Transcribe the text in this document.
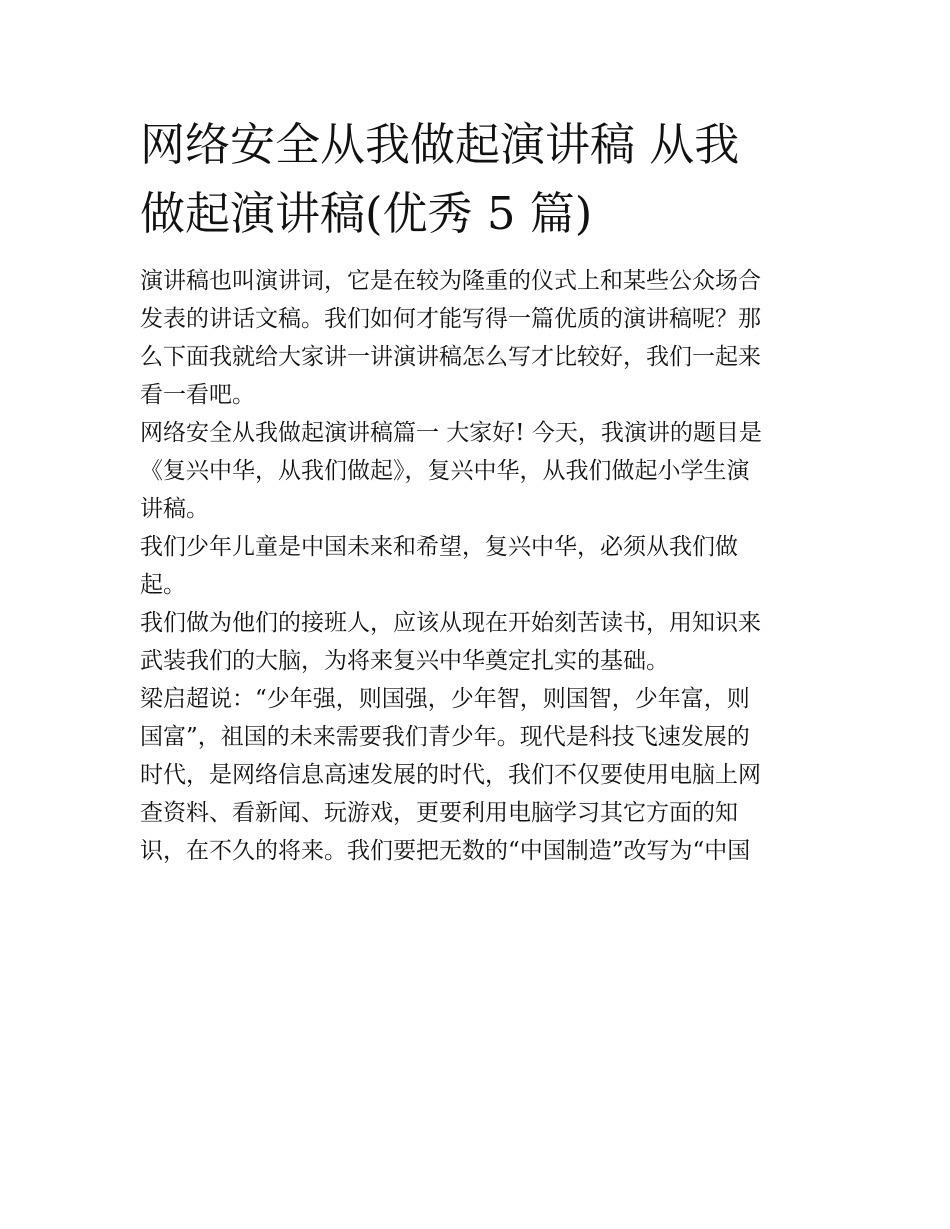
网络安全从我做起演讲稿 从我
做起演讲稿(优秀 5 篇)

演讲稿也叫演讲词，它是在较为隆重的仪式上和某些公众场合
发表的讲话文稿。我们如何才能写得一篇优质的演讲稿呢？那
么下面我就给大家讲一讲演讲稿怎么写才比较好，我们一起来
看一看吧。

网络安全从我做起演讲稿篇一 大家好! 今天，我演讲的题目是
《复兴中华，从我们做起》，复兴中华，从我们做起小学生演
讲稿。

我们少年儿童是中国未来和希望，复兴中华，必须从我们做
起。

我们做为他们的接班人，应该从现在开始刻苦读书，用知识来
武装我们的大脑，为将来复兴中华奠定扎实的基础。

梁启超说：“少年强，则国强，少年智，则国智，少年富，则
国富”，祖国的未来需要我们青少年。现代是科技飞速发展的
时代，是网络信息高速发展的时代，我们不仅要使用电脑上网
查资料、看新闻、玩游戏，更要利用电脑学习其它方面的知
识，在不久的将来。我们要把无数的“中国制造”改写为“中国
